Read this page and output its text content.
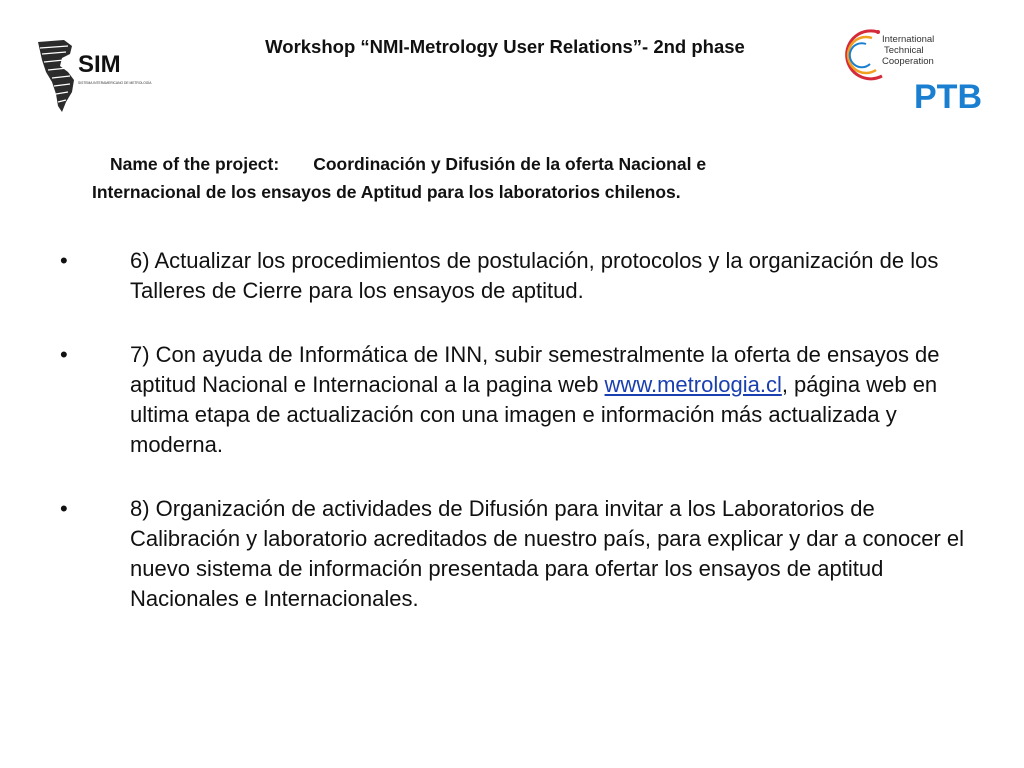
SIM
SISTEMA INTERAMERICANO DE METROLOGÍA
International
Technical
Cooperation
PTB
Workshop “NMI-Metrology User Relations”- 2nd phase
Name of the project: Coordinación y Difusión de la oferta Nacional e
Internacional de los ensayos de Aptitud para los laboratorios chilenos.
•	6) Actualizar los procedimientos de postulación, protocolos y la organización de los Talleres de Cierre para los ensayos de aptitud.
•	7) Con ayuda de Informática de INN, subir semestralmente la oferta de ensayos de aptitud Nacional e Internacional a la pagina web www.metrologia.cl, página web en ultima etapa de actualización con una imagen e información más actualizada y moderna.
•	8) Organización de actividades de Difusión para invitar a los Laboratorios de Calibración y laboratorio acreditados de nuestro país, para explicar y dar a conocer el nuevo sistema de información presentada para ofertar los ensayos de aptitud Nacionales e Internacionales.
